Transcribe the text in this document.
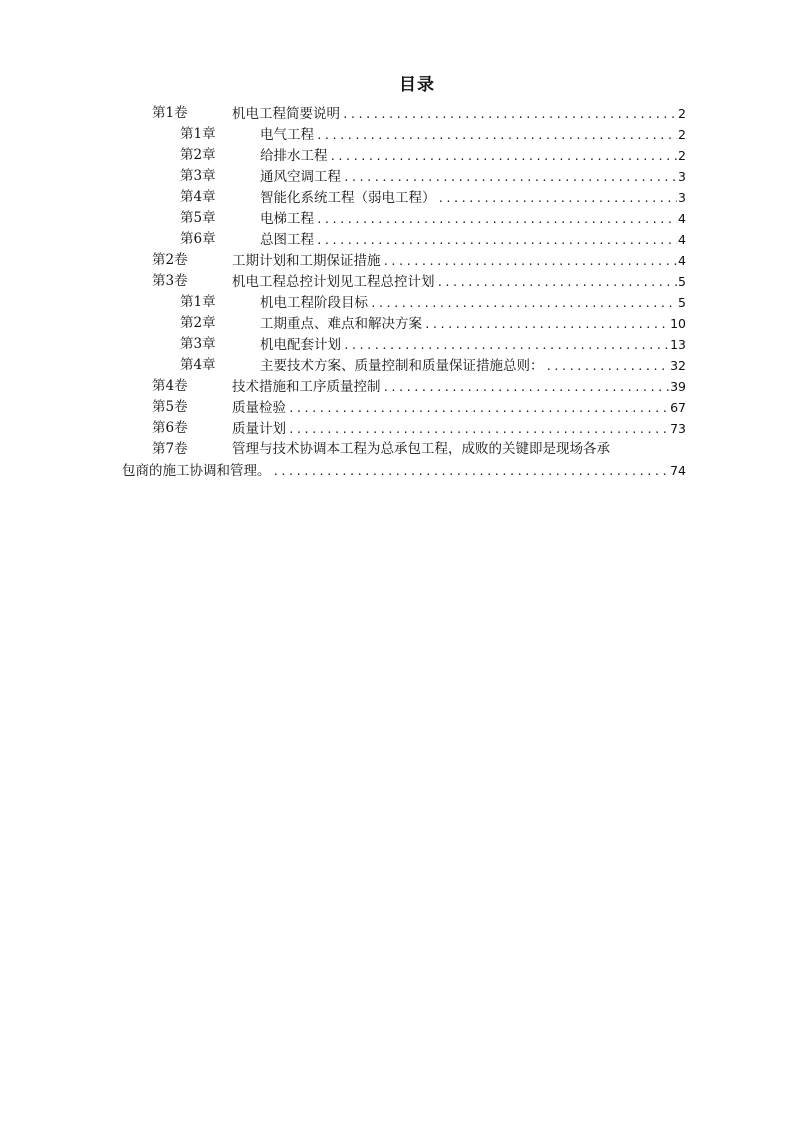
目录
第1卷	机电工程简要说明 .....	2
第1章	电气工程 .....	2
第2章	给排水工程 .....	2
第3章	通风空调工程 .....	3
第4章	智能化系统工程（弱电工程） .....	3
第5章	电梯工程 .....	4
第6章	总图工程 .....	4
第2卷	工期计划和工期保证措施 .....	4
第3卷	机电工程总控计划见工程总控计划 .....	5
第1章	机电工程阶段目标 .....	5
第2章	工期重点、难点和解决方案 .....	10
第3章	机电配套计划 .....	13
第4章	主要技术方案、质量控制和质量保证措施总则： .....	32
第4卷	技术措施和工序质量控制 .....	39
第5卷	质量检验 .....	67
第6卷	质量计划 .....	73
第7卷	管理与技术协调本工程为总承包工程，成败的关键即是现场各承
包商的施工协调和管理。 .....	74
